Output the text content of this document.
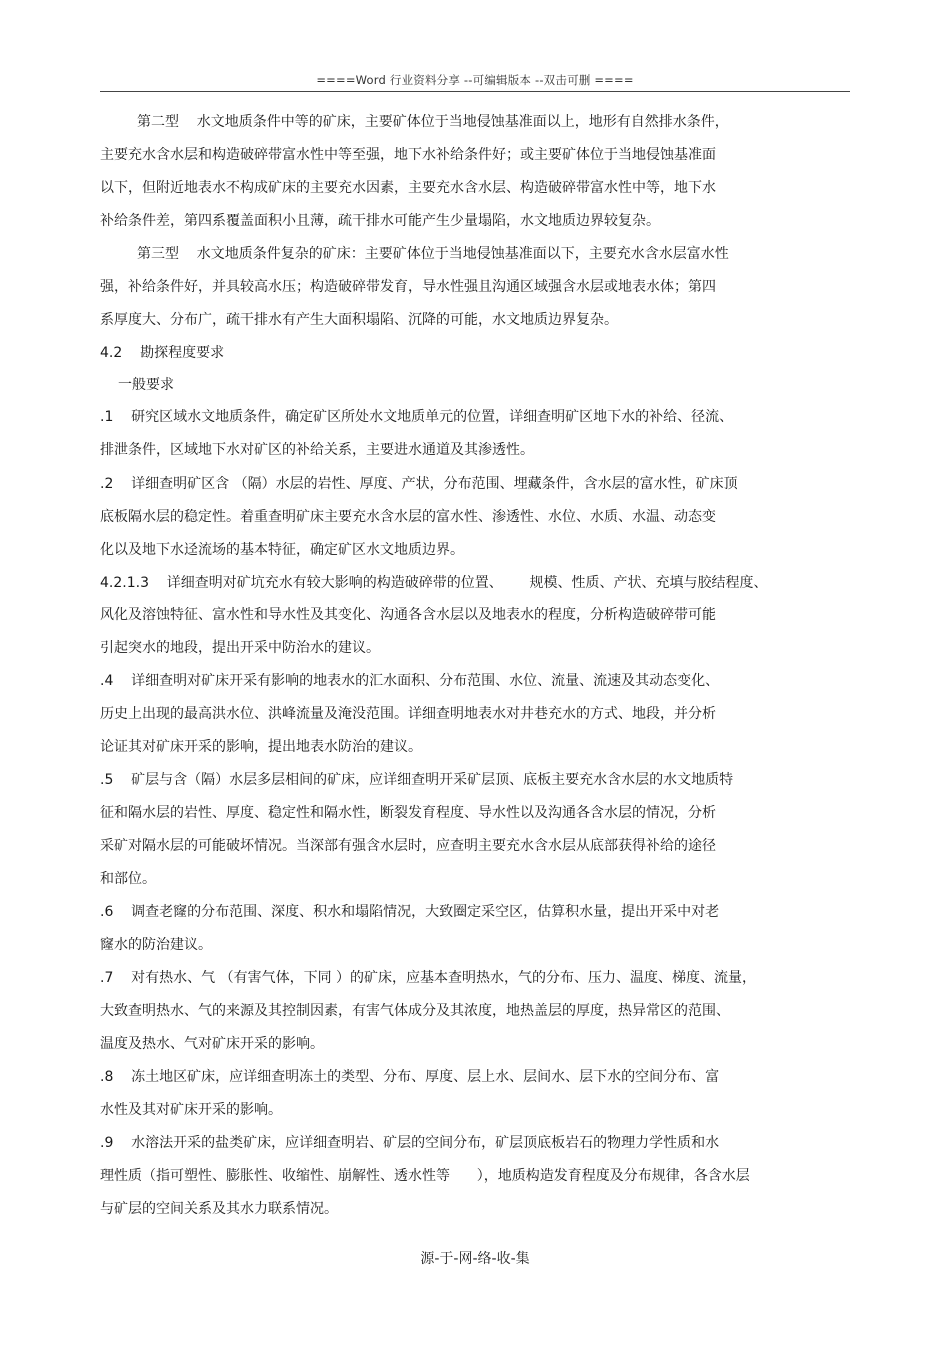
====Word 行业资料分享 --可编辑版本 --双击可删 ====
第二型    水文地质条件中等的矿床，主要矿体位于当地侵蚀基准面以上，地形有自然排水条件，
主要充水含水层和构造破碎带富水性中等至强，地下水补给条件好；或主要矿体位于当地侵蚀基准面
以下，但附近地表水不构成矿床的主要充水因素，主要充水含水层、构造破碎带富水性中等，地下水
补给条件差，第四系覆盖面积小且薄，疏干排水可能产生少量塌陷，水文地质边界较复杂。
第三型    水文地质条件复杂的矿床：主要矿体位于当地侵蚀基准面以下，主要充水含水层富水性
强，补给条件好，并具较高水压；构造破碎带发育，导水性强且沟通区域强含水层或地表水体；第四
系厚度大、分布广，疏干排水有产生大面积塌陷、沉降的可能，水文地质边界复杂。
4.2    勘探程度要求
一般要求
.1    研究区域水文地质条件，确定矿区所处水文地质单元的位置，详细查明矿区地下水的补给、径流、
排泄条件，区域地下水对矿区的补给关系，主要进水通道及其渗透性。
.2    详细查明矿区含 （隔）水层的岩性、厚度、产状，分布范围、埋藏条件，含水层的富水性，矿床顶
底板隔水层的稳定性。着重查明矿床主要充水含水层的富水性、渗透性、水位、水质、水温、动态变
化以及地下水迳流场的基本特征，确定矿区水文地质边界。
4.2.1.3    详细查明对矿坑充水有较大影响的构造破碎带的位置、      规模、性质、产状、充填与胶结程度、
风化及溶蚀特征、富水性和导水性及其变化、沟通各含水层以及地表水的程度，分析构造破碎带可能
引起突水的地段，提出开采中防治水的建议。
.4    详细查明对矿床开采有影响的地表水的汇水面积、分布范围、水位、流量、流速及其动态变化、
历史上出现的最高洪水位、洪峰流量及淹没范围。详细查明地表水对井巷充水的方式、地段，并分析
论证其对矿床开采的影响，提出地表水防治的建议。
.5    矿层与含（隔）水层多层相间的矿床，应详细查明开采矿层顶、底板主要充水含水层的水文地质特
征和隔水层的岩性、厚度、稳定性和隔水性，断裂发育程度、导水性以及沟通各含水层的情况，分析
采矿对隔水层的可能破坏情况。当深部有强含水层时，应查明主要充水含水层从底部获得补给的途径
和部位。
.6    调查老窿的分布范围、深度、积水和塌陷情况，大致圈定采空区，估算积水量，提出开采中对老
窿水的防治建议。
.7    对有热水、气 （有害气体，下同 ）的矿床，应基本查明热水，气的分布、压力、温度、梯度、流量，
大致查明热水、气的来源及其控制因素，有害气体成分及其浓度，地热盖层的厚度，热异常区的范围、
温度及热水、气对矿床开采的影响。
.8    冻土地区矿床，应详细查明冻土的类型、分布、厚度、层上水、层间水、层下水的空间分布、富
水性及其对矿床开采的影响。
.9    水溶法开采的盐类矿床，应详细查明岩、矿层的空间分布，矿层顶底板岩石的物理力学性质和水
理性质（指可塑性、膨胀性、收缩性、崩解性、透水性等      ），地质构造发育程度及分布规律，各含水层
与矿层的空间关系及其水力联系情况。
源-于-网-络-收-集
